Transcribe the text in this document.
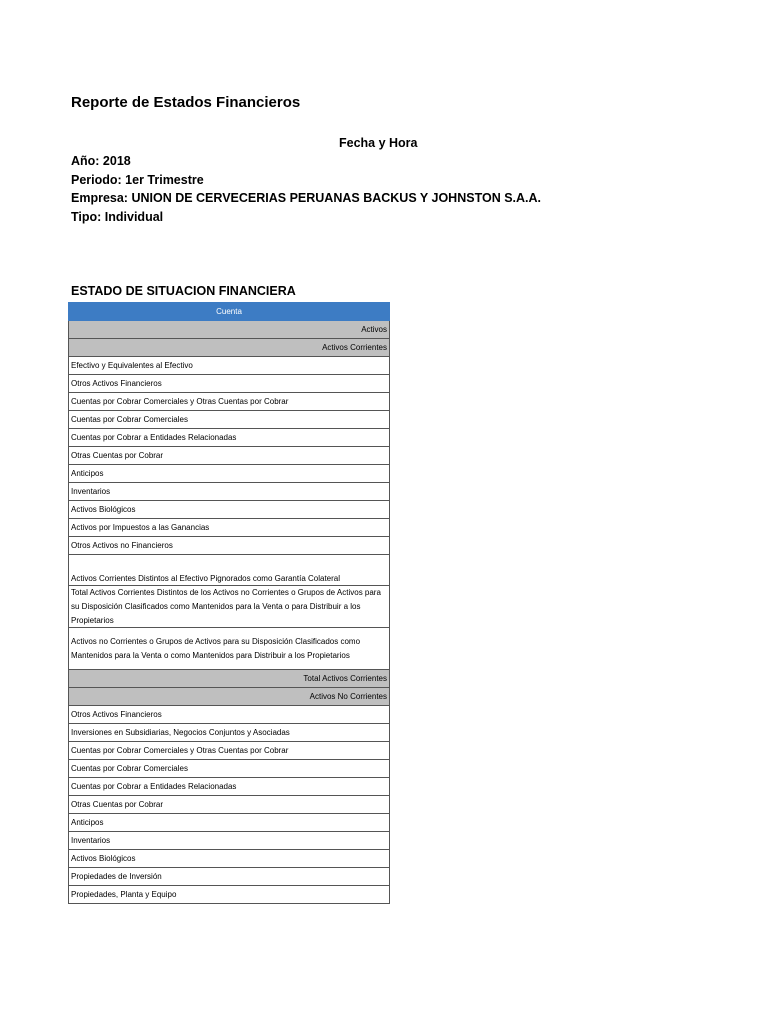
Reporte de Estados Financieros
Fecha y Hora
Año: 2018
Periodo: 1er Trimestre
Empresa: UNION DE CERVECERIAS PERUANAS BACKUS Y JOHNSTON S.A.A.
Tipo: Individual
ESTADO DE SITUACION FINANCIERA
Cuenta
Activos
Activos Corrientes
Efectivo y Equivalentes al Efectivo
Otros Activos Financieros
Cuentas por Cobrar Comerciales y Otras Cuentas por Cobrar
Cuentas por Cobrar Comerciales
Cuentas por Cobrar a Entidades Relacionadas
Otras Cuentas por Cobrar
Anticipos
Inventarios
Activos Biológicos
Activos por Impuestos a las Ganancias
Otros Activos no Financieros
Activos Corrientes Distintos al Efectivo Pignorados como Garantía Colateral
Total Activos Corrientes Distintos de los Activos no Corrientes o Grupos de Activos para su Disposición Clasificados como Mantenidos para la Venta o para Distribuir a los Propietarios
Activos no Corrientes o Grupos de Activos para su Disposición Clasificados como Mantenidos para la Venta o como Mantenidos para Distribuir a los Propietarios
Total Activos Corrientes
Activos No Corrientes
Otros Activos Financieros
Inversiones en Subsidiarias, Negocios Conjuntos y Asociadas
Cuentas por Cobrar Comerciales y Otras Cuentas por Cobrar
Cuentas por Cobrar Comerciales
Cuentas por Cobrar a Entidades Relacionadas
Otras Cuentas por Cobrar
Anticipos
Inventarios
Activos Biológicos
Propiedades de Inversión
Propiedades, Planta y Equipo
